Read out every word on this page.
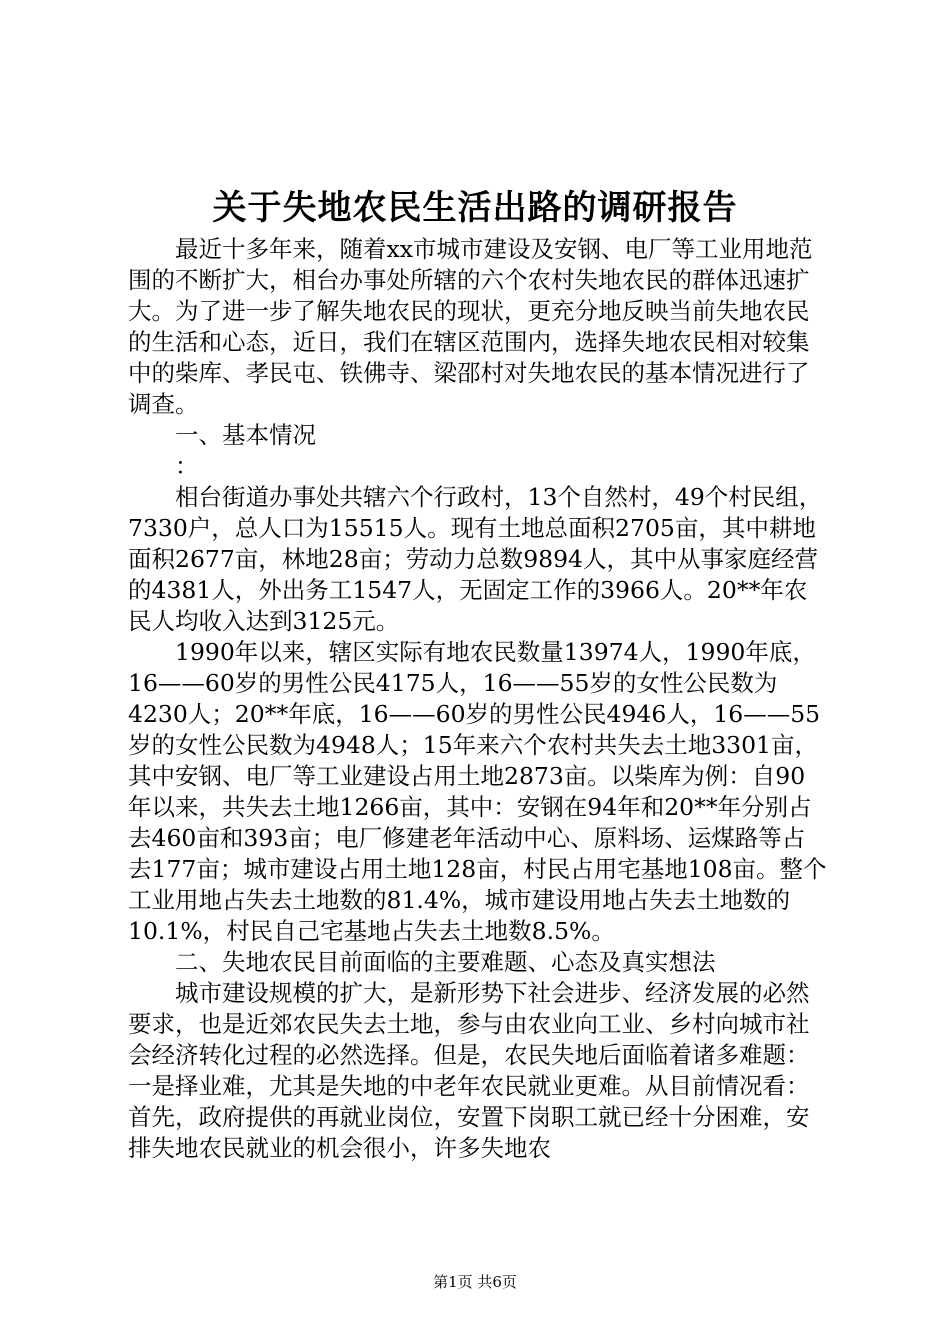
关于失地农民生活出路的调研报告

最近十多年来，随着xx市城市建设及安钢、电厂等工业用地范围的不断扩大，相台办事处所辖的六个农村失地农民的群体迅速扩大。为了进一步了解失地农民的现状，更充分地反映当前失地农民的生活和心态，近日，我们在辖区范围内，选择失地农民相对较集中的柴库、孝民屯、铁佛寺、梁邵村对失地农民的基本情况进行了调查。

一、基本情况

：

相台街道办事处共辖六个行政村，13个自然村，49个村民组，7330户，总人口为15515人。现有土地总面积2705亩，其中耕地面积2677亩，林地28亩；劳动力总数9894人，其中从事家庭经营的4381人，外出务工1547人，无固定工作的3966人。20**年农民人均收入达到3125元。

1990年以来，辖区实际有地农民数量13974人，1990年底，16——60岁的男性公民4175人，16——55岁的女性公民数为4230人；20**年底，16——60岁的男性公民4946人，16——55岁的女性公民数为4948人；15年来六个农村共失去土地3301亩，其中安钢、电厂等工业建设占用土地2873亩。以柴库为例：自90年以来，共失去土地1266亩，其中：安钢在94年和20**年分别占去460亩和393亩；电厂修建老年活动中心、原料场、运煤路等占去177亩；城市建设占用土地128亩，村民占用宅基地108亩。整个工业用地占失去土地数的81.4%，城市建设用地占失去土地数的10.1%，村民自己宅基地占失去土地数8.5%。

二、失地农民目前面临的主要难题、心态及真实想法

城市建设规模的扩大，是新形势下社会进步、经济发展的必然要求，也是近郊农民失去土地，参与由农业向工业、乡村向城市社会经济转化过程的必然选择。但是，农民失地后面临着诸多难题：一是择业难，尤其是失地的中老年农民就业更难。从目前情况看：首先，政府提供的再就业岗位，安置下岗职工就已经十分困难，安排失地农民就业的机会很小，许多失地农

第1页 共6页
